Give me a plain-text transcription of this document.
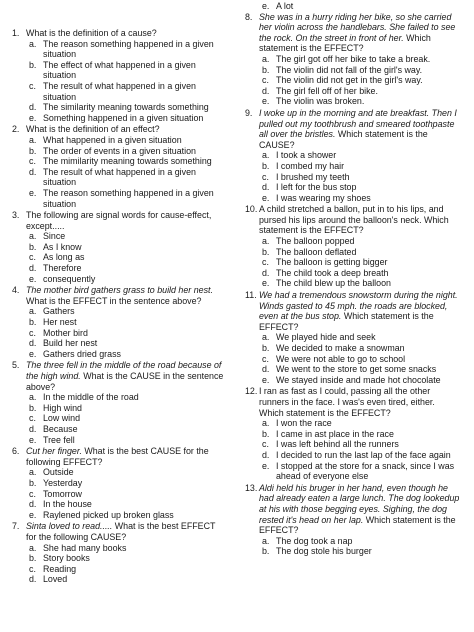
1. What is the definition of a cause?
a. The reason something happened in a given situation
b. The effect of what happened in a given situation
c. The result of what happened in a given situation
d. The similarity meaning towards something
e. Something happened in a given situation
2. What is the definition of an effect?
a. What happened in a given situation
b. The order of events in a given situation
c. The mimilarity meaning towards something
d. The result of what happened in a given situation
e. The reason something happened in a given situation
3. The following are signal words for cause-effect, except.....
a. Since
b. As I know
c. As long as
d. Therefore
e. consequently
4. The mother bird gathers grass to build her nest. What is the EFFECT in the sentence above?
a. Gathers
b. Her nest
c. Mother bird
d. Build her nest
e. Gathers dried grass
5. The three fell in the middle of the road because of the high wind. What is the CAUSE in the sentence above?
a. In the middle of the road
b. High wind
c. Low wind
d. Because
e. Tree fell
6. Cut her finger. What is the best CAUSE for the following EFFECT?
a. Outside
b. Yesterday
c. Tomorrow
d. In the house
e. Raylened picked up broken glass
7. Sinta loved to read..... What is the best EFFECT for the following CAUSE?
a. She had many books
b. Story books
c. Reading
d. Loved
e. A lot
8. She was in a hurry riding her bike, so she carried her violin across the handlebars. She failed to see the rock. On the street in front of her. Which statement is the EFFECT?
a. The girl got off her bike to take a break.
b. The violin did not fall of the girl's way.
c. The violin did not get in the girl's way.
d. The girl fell off of her bike.
e. The violin was broken.
9. I woke up in the morning and ate breakfast. Then I pulled out my toothbrush and smeared toothpaste all over the bristles. Which statement is the CAUSE?
a. I took a shower
b. I combed my hair
c. I brushed my teeth
d. I left for the bus stop
e. I was wearing my shoes
10. A child stretched a ballon, put in to his lips, and pursed his lips around the balloon's neck. Which statement is the EFFECT?
a. The balloon popped
b. The balloon deflated
c. The balloon is getting bigger
d. The child took a deep breath
e. The child blew up the balloon
11. We had a tremendous snowstorm during the night. Winds gasted to 45 mph. the roads are blocked, even at the bus stop. Which statement is the EFFECT?
a. We played hide and seek
b. We decided to make a snowman
c. We were not able to go to school
d. We went to the store to get some snacks
e. We stayed inside and made hot chocolate
12. I ran as fast as I could, passing all the other runners in the face. I was's even tired, either. Which statement is the EFFECT?
a. I won the race
b. I came in ast place in the race
c. I was left behind all the runners
d. I decided to run the last lap of the face again
e. I stopped at the store for a snack, since I was ahead of everyone else
13. Aldi held his bruger in her hand, even though he had already eaten a large lunch. The dog lookedup at his with those begging eyes. Sighing, the dog rested it's head on her lap. Which statement is the EFFECT?
a. The dog took a nap
b. The dog stole his burger
